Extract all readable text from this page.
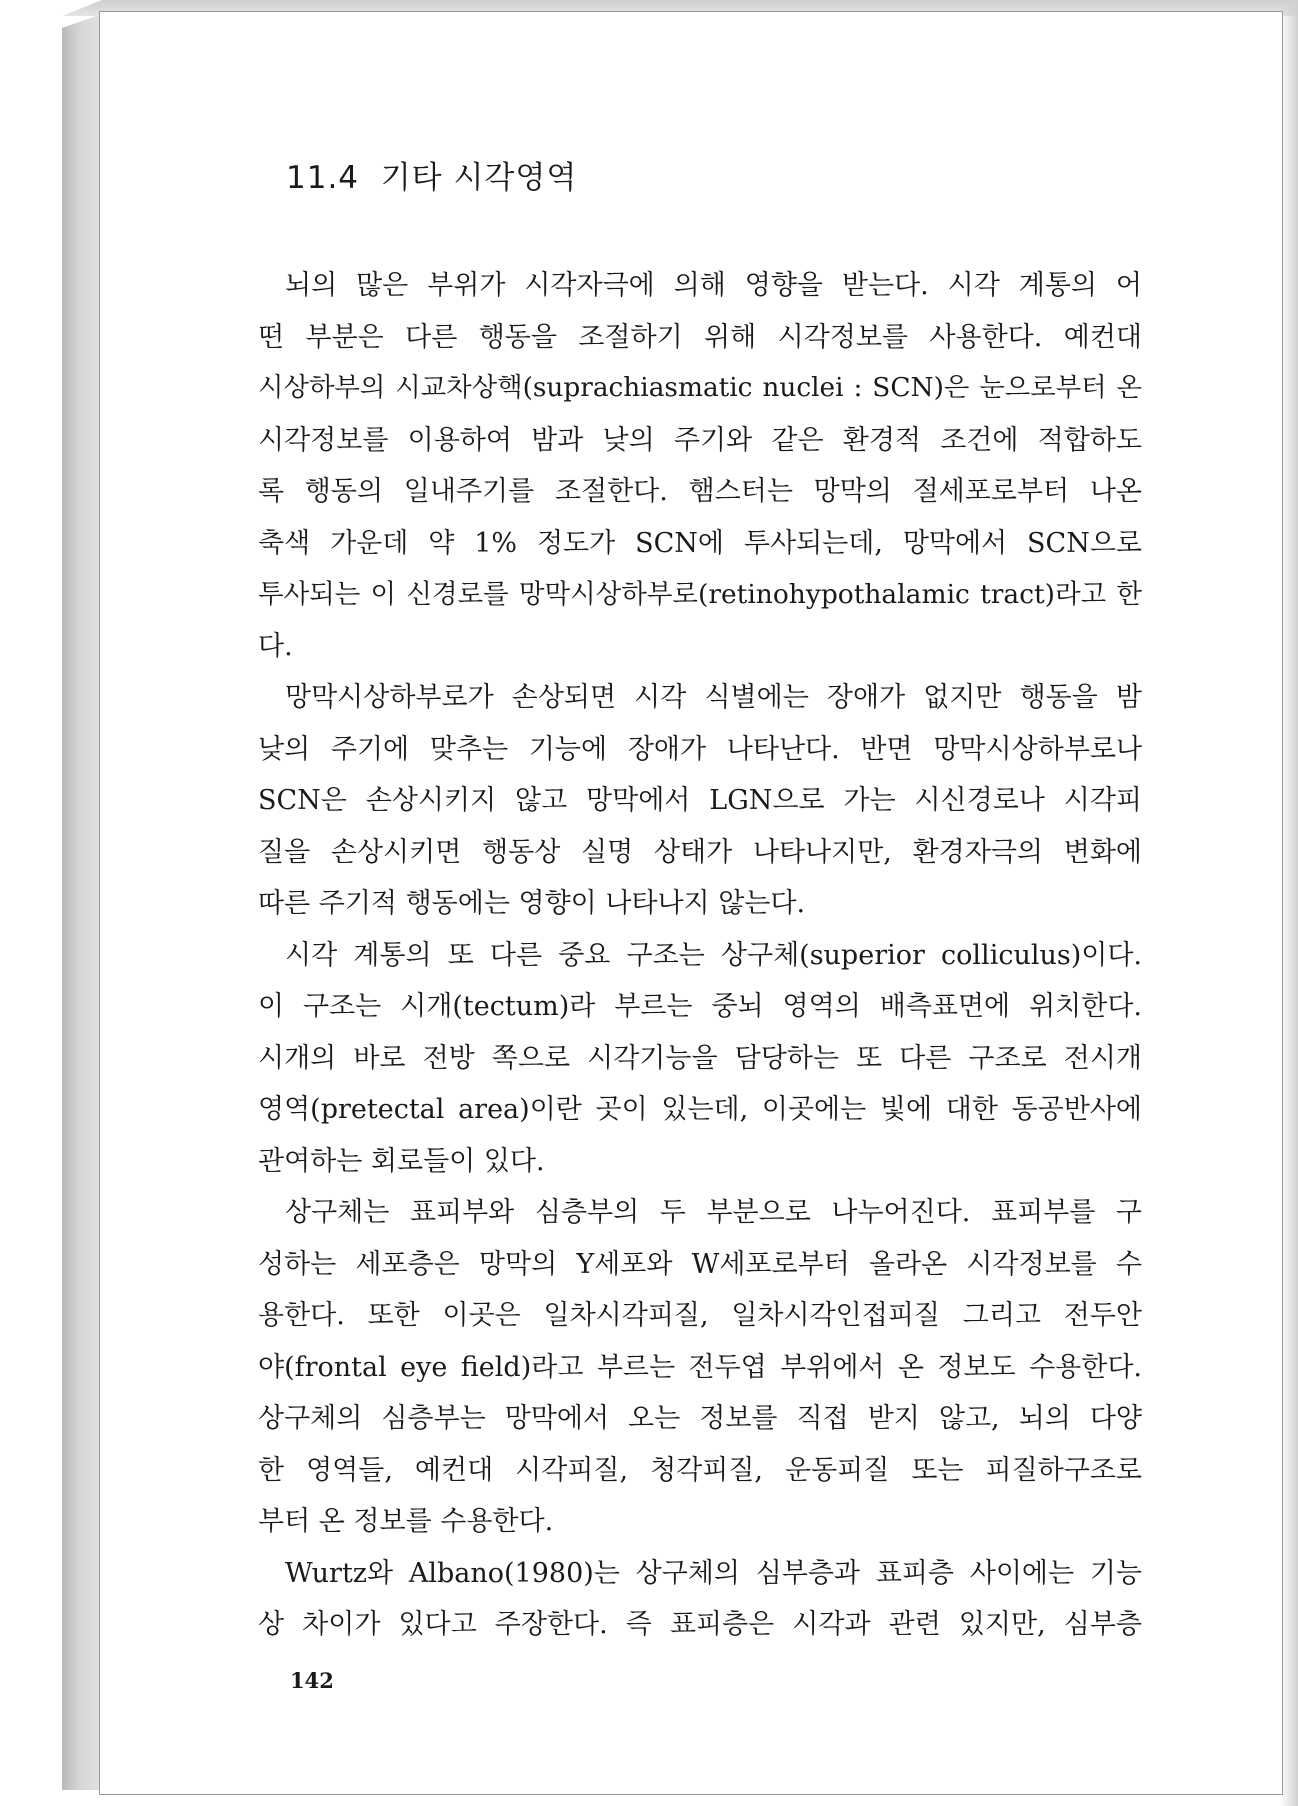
11.4  기타 시각영역

뇌의 많은 부위가 시각자극에 의해 영향을 받는다. 시각 계통의 어
떤 부분은 다른 행동을 조절하기 위해 시각정보를 사용한다. 예컨대
시상하부의 시교차상핵(suprachiasmatic nuclei : SCN)은 눈으로부터 온
시각정보를 이용하여 밤과 낮의 주기와 같은 환경적 조건에 적합하도
록 행동의 일내주기를 조절한다. 햄스터는 망막의 절세포로부터 나온
축색 가운데 약 1% 정도가 SCN에 투사되는데, 망막에서 SCN으로
투사되는 이 신경로를 망막시상하부로(retinohypothalamic tract)라고 한
다.

망막시상하부로가 손상되면 시각 식별에는 장애가 없지만 행동을 밤
낮의 주기에 맞추는 기능에 장애가 나타난다. 반면 망막시상하부로나
SCN은 손상시키지 않고 망막에서 LGN으로 가는 시신경로나 시각피
질을 손상시키면 행동상 실명 상태가 나타나지만, 환경자극의 변화에
따른 주기적 행동에는 영향이 나타나지 않는다.

시각 계통의 또 다른 중요 구조는 상구체(superior colliculus)이다.
이 구조는 시개(tectum)라 부르는 중뇌 영역의 배측표면에 위치한다.
시개의 바로 전방 쪽으로 시각기능을 담당하는 또 다른 구조로 전시개
영역(pretectal area)이란 곳이 있는데, 이곳에는 빛에 대한 동공반사에
관여하는 회로들이 있다.

상구체는 표피부와 심층부의 두 부분으로 나누어진다. 표피부를 구
성하는 세포층은 망막의 Y세포와 W세포로부터 올라온 시각정보를 수
용한다. 또한 이곳은 일차시각피질, 일차시각인접피질 그리고 전두안
야(frontal eye field)라고 부르는 전두엽 부위에서 온 정보도 수용한다.
상구체의 심층부는 망막에서 오는 정보를 직접 받지 않고, 뇌의 다양
한 영역들, 예컨대 시각피질, 청각피질, 운동피질 또는 피질하구조로
부터 온 정보를 수용한다.

Wurtz와 Albano(1980)는 상구체의 심부층과 표피층 사이에는 기능
상 차이가 있다고 주장한다. 즉 표피층은 시각과 관련 있지만, 심부층

142
